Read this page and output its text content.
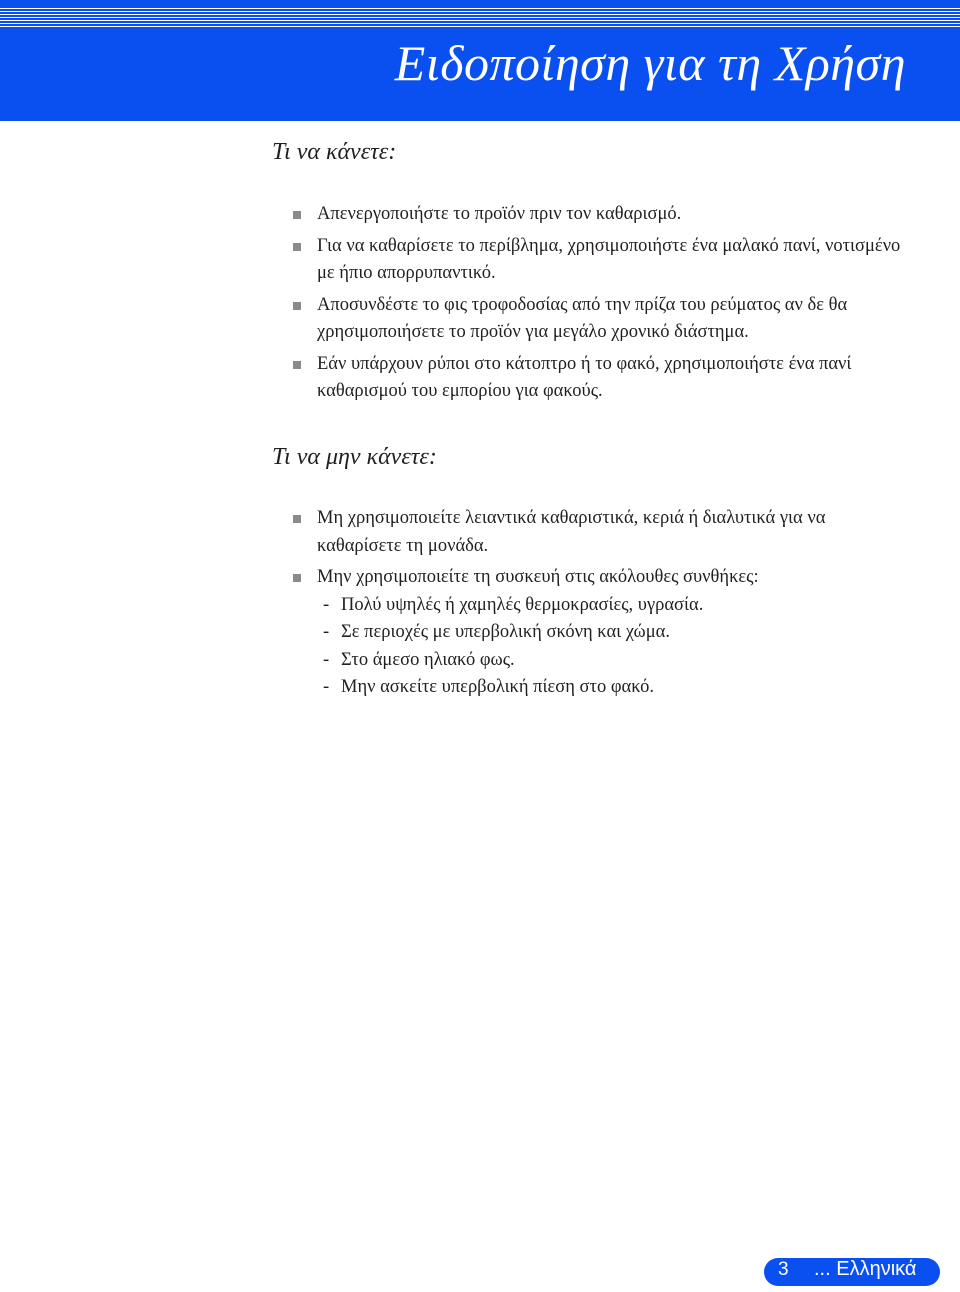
Ειδοποίηση για τη Χρήση
Τι να κάνετε:
Απενεργοποιήστε το προϊόν πριν τον καθαρισμό.
Για να καθαρίσετε το περίβλημα, χρησιμοποιήστε ένα μαλακό πανί, νοτισμένο με ήπιο απορρυπαντικό.
Αποσυνδέστε το φις τροφοδοσίας από την πρίζα του ρεύματος αν δε θα χρησιμοποιήσετε το προϊόν για μεγάλο χρονικό διάστημα.
Εάν υπάρχουν ρύποι στο κάτοπτρο ή το φακό, χρησιμοποιήστε ένα πανί καθαρισμού του εμπορίου για φακούς.
Τι να μην κάνετε:
Μη χρησιμοποιείτε λειαντικά καθαριστικά, κεριά ή διαλυτικά για να καθαρίσετε τη μονάδα.
Μην χρησιμοποιείτε τη συσκευή στις ακόλουθες συνθήκες:
- Πολύ υψηλές ή χαμηλές θερμοκρασίες, υγρασία.
- Σε περιοχές με υπερβολική σκόνη και χώμα.
- Στο άμεσο ηλιακό φως.
- Μην ασκείτε υπερβολική πίεση στο φακό.
3 ... Ελληνικά
